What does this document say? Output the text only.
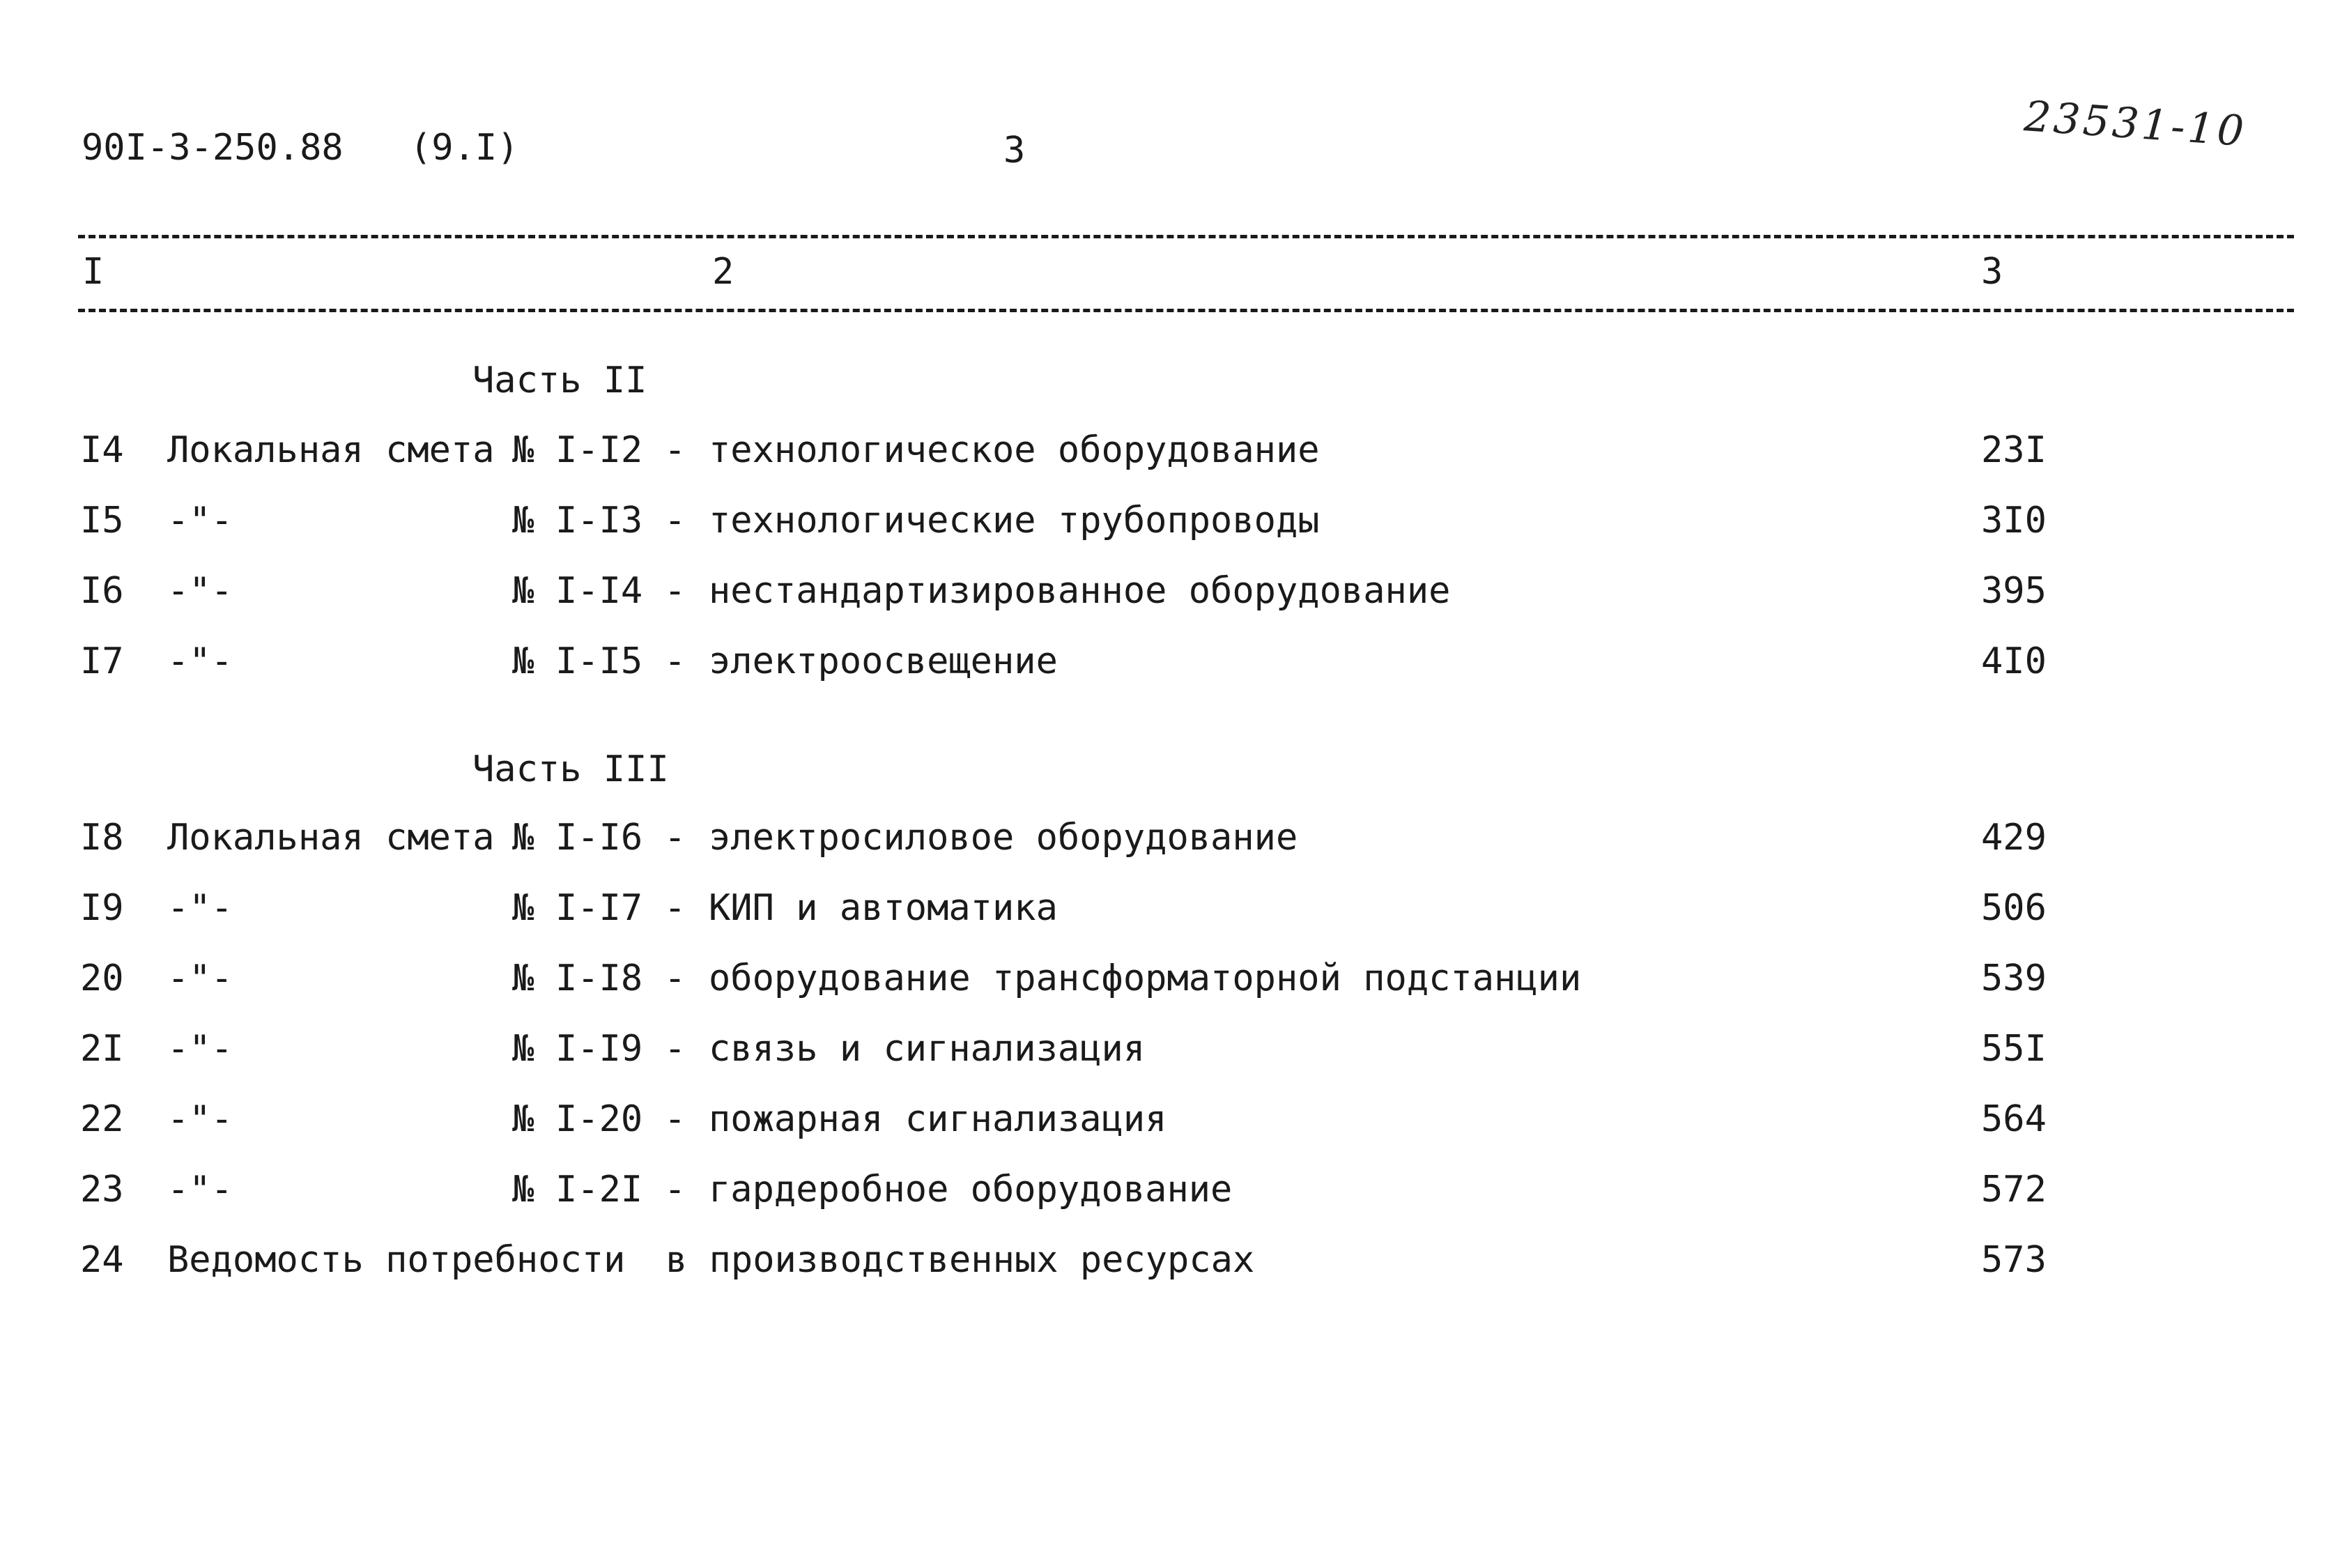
90I-3-250.88 (9.I)	3	23531-10
I	2	3
Часть II
I4 Локальная смета № I-I2 - технологическое оборудование	23I
I5 -"-	№ I-I3 - технологические трубопроводы	3I0
I6 -"-	№ I-I4 - нестандартизированное оборудование	395
I7 -"-	№ I-I5 - электроосвещение	4I0
Часть III
I8 Локальная смета № I-I6 - электросиловое оборудование	429
I9 -"-	№ I-I7 - КИП и автоматика	506
20 -"-	№ I-I8 - оборудование трансформаторной подстанции	539
2I -"-	№ I-I9 - связь и сигнализация	55I
22 -"-	№ I-20 - пожарная сигнализация	564
23 -"-	№ I-2I - гардеробное оборудование	572
24 Ведомость потребности в производственных ресурсах	573
